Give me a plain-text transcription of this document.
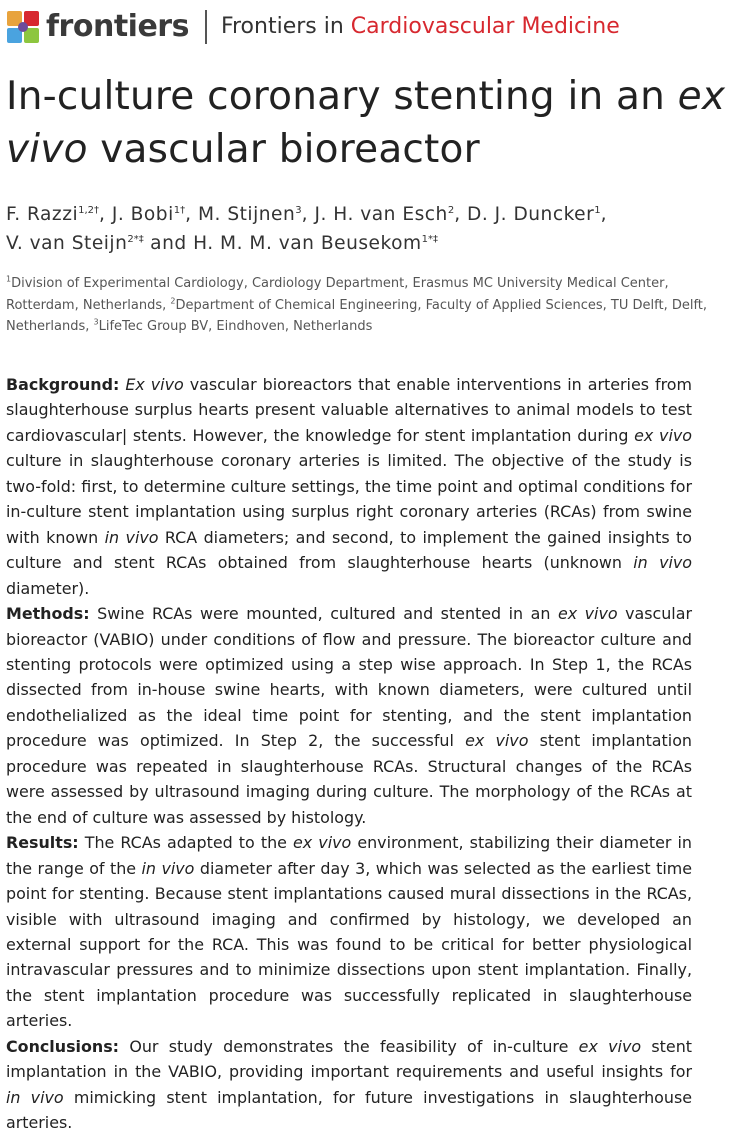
frontiers Frontiers in Cardiovascular Medicine
In-culture coronary stenting in an ex vivo vascular bioreactor
F. Razzi$^{1,2\dagger}$, J. Bobi$^{1\dagger}$, M. Stijnen$^3$, J. H. van Esch$^2$, D. J. Duncker$^1$,
V. van Steijn$^{2*\ddagger}$ and H. M. M. van Beusekom$^{1*\ddagger}$
$^1$Division of Experimental Cardiology, Cardiology Department, Erasmus MC University Medical Center, Rotterdam, Netherlands, $^2$Department of Chemical Engineering, Faculty of Applied Sciences, TU Delft, Delft, Netherlands, $^3$LifeTec Group BV, Eindhoven, Netherlands

Background: Ex vivo vascular bioreactors that enable interventions in arteries from slaughterhouse surplus hearts present valuable alternatives to animal models to test cardiovascular| stents. However, the knowledge for stent implantation during ex vivo culture in slaughterhouse coronary arteries is limited. The objective of the study is two-fold: first, to determine culture settings, the time point and optimal conditions for in-culture stent implantation using surplus right coronary arteries (RCAs) from swine with known in vivo RCA diameters; and second, to implement the gained insights to culture and stent RCAs obtained from slaughterhouse hearts (unknown in vivo diameter).

Methods: Swine RCAs were mounted, cultured and stented in an ex vivo vascular bioreactor (VABIO) under conditions of flow and pressure. The bioreactor culture and stenting protocols were optimized using a step wise approach. In Step 1, the RCAs dissected from in-house swine hearts, with known diameters, were cultured until endothelialized as the ideal time point for stenting, and the stent implantation procedure was optimized. In Step 2, the successful ex vivo stent implantation procedure was repeated in slaughterhouse RCAs. Structural changes of the RCAs were assessed by ultrasound imaging during culture. The morphology of the RCAs at the end of culture was assessed by histology.

Results: The RCAs adapted to the ex vivo environment, stabilizing their diameter in the range of the in vivo diameter after day 3, which was selected as the earliest time point for stenting. Because stent implantations caused mural dissections in the RCAs, visible with ultrasound imaging and confirmed by histology, we developed an external support for the RCA. This was found to be critical for better physiological intravascular pressures and to minimize dissections upon stent implantation. Finally, the stent implantation procedure was successfully replicated in slaughterhouse arteries.

Conclusions: Our study demonstrates the feasibility of in-culture ex vivo stent implantation in the VABIO, providing important requirements and useful insights for in vivo mimicking stent implantation, for future investigations in slaughterhouse arteries.
